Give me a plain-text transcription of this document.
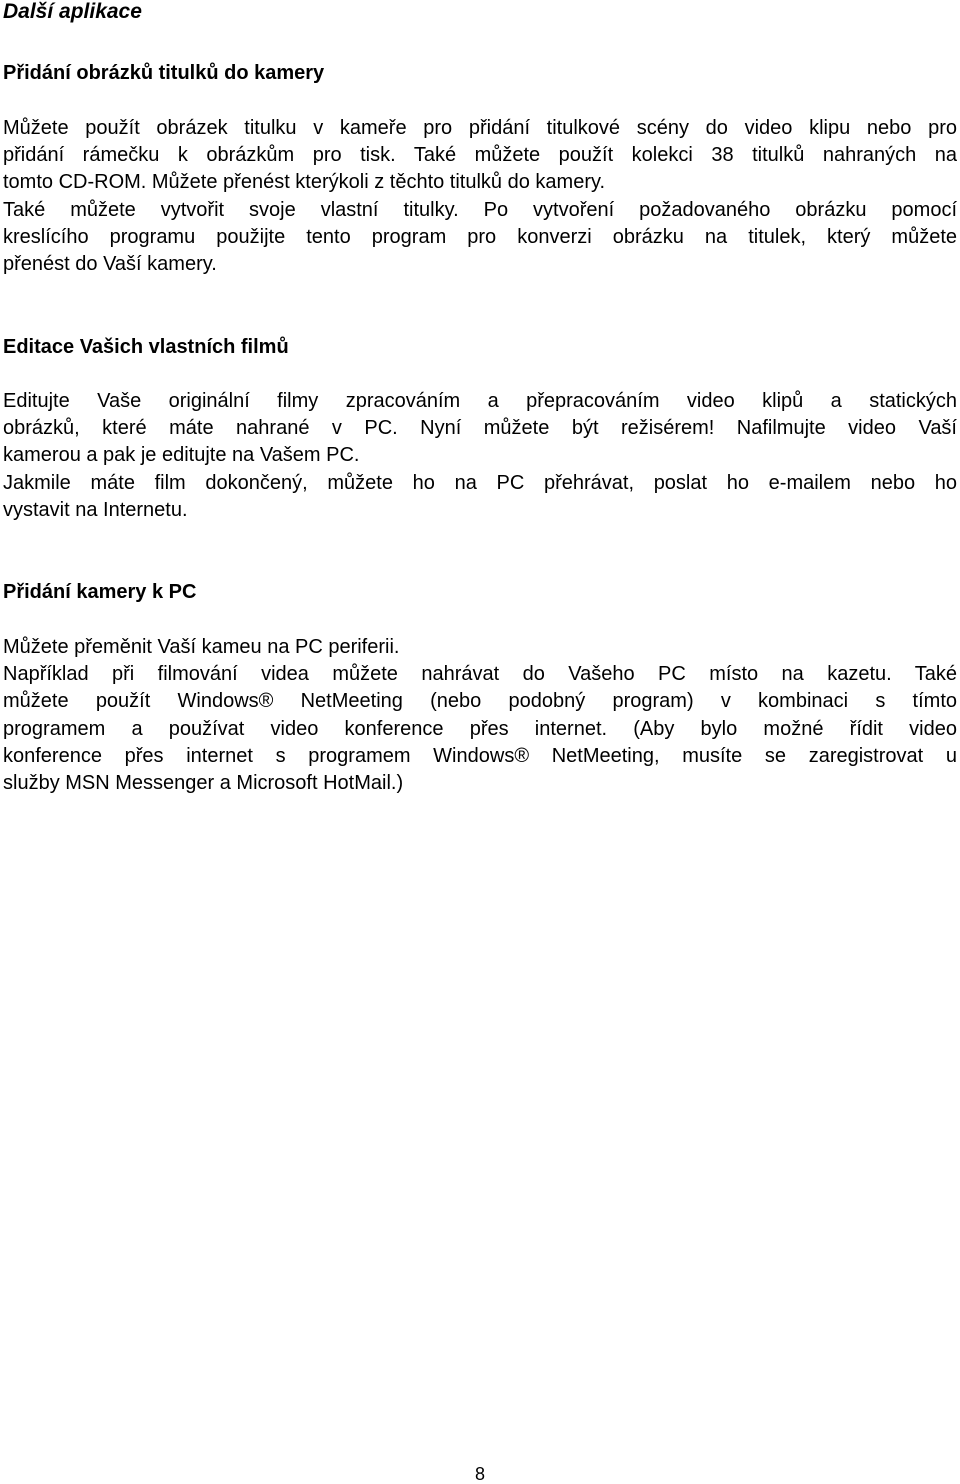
Další aplikace
Přidání obrázků titulků do kamery

Můžete použít obrázek titulku v kameře pro přidání titulkové scény do video klipu nebo pro
přidání rámečku k obrázkům pro tisk. Také můžete použít kolekci 38 titulků nahraných na
tomto CD-ROM. Můžete přenést kterýkoli z těchto titulků do kamery.
Také můžete vytvořit svoje vlastní titulky. Po vytvoření požadovaného obrázku pomocí
kreslícího programu použijte tento program pro konverzi obrázku na titulek, který můžete
přenést do Vaší kamery.

Editace Vašich vlastních filmů

Editujte Vaše originální filmy zpracováním a přepracováním video klipů a statických
obrázků, které máte nahrané v PC. Nyní můžete být režisérem! Nafilmujte video Vaší
kamerou a pak je editujte na Vašem PC.
Jakmile máte film dokončený, můžete ho na PC přehrávat, poslat ho e-mailem nebo ho
vystavit na Internetu.

Přidání kamery k PC

Můžete přeměnit Vaší kameu na PC periferii.
Například při filmování videa můžete nahrávat do Vašeho PC místo na kazetu. Také
můžete použít Windows® NetMeeting (nebo podobný program) v kombinaci s tímto
programem a používat video konference přes internet. (Aby bylo možné řídit video
konference přes internet s programem Windows® NetMeeting, musíte se zaregistrovat u
služby MSN Messenger a Microsoft HotMail.)

8
